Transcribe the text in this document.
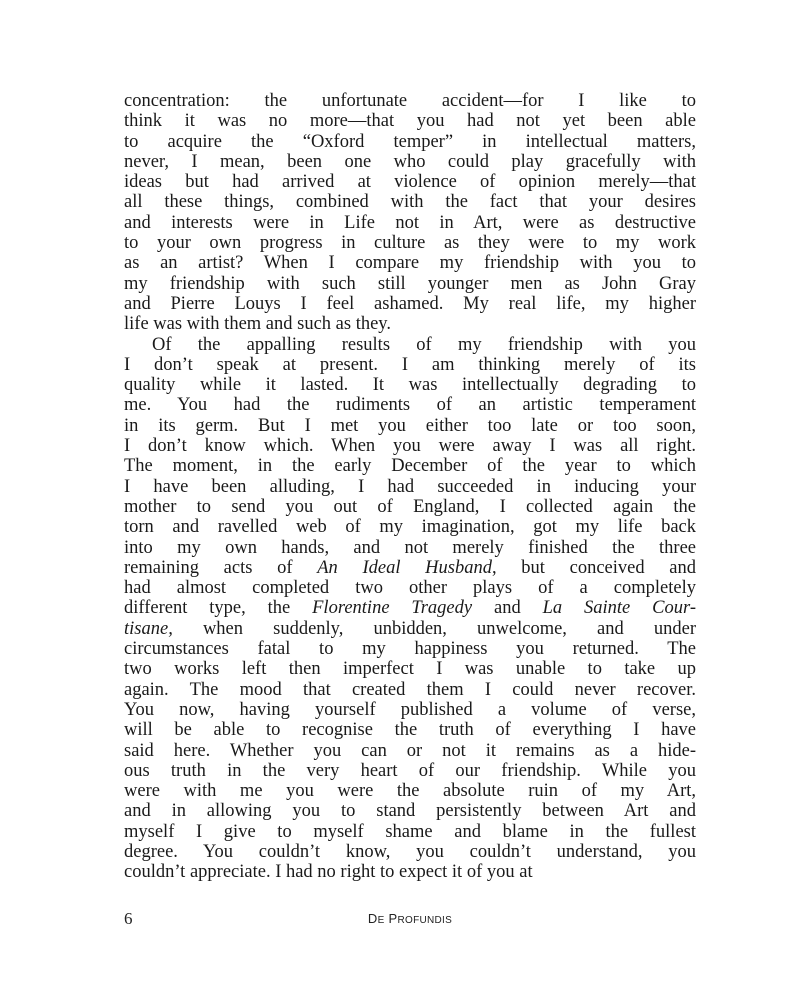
concentration: the unfortunate accident—for I like to
think it was no more—that you had not yet been able
to acquire the “Oxford temper” in intellectual matters,
never, I mean, been one who could play gracefully with
ideas but had arrived at violence of opinion merely—that
all these things, combined with the fact that your desires
and interests were in Life not in Art, were as destructive
to your own progress in culture as they were to my work
as an artist? When I compare my friendship with you to
my friendship with such still younger men as John Gray
and Pierre Louys I feel ashamed. My real life, my higher
life was with them and such as they.
Of the appalling results of my friendship with you
I don’t speak at present. I am thinking merely of its
quality while it lasted. It was intellectually degrading to
me. You had the rudiments of an artistic temperament
in its germ. But I met you either too late or too soon,
I don’t know which. When you were away I was all right.
The moment, in the early December of the year to which
I have been alluding, I had succeeded in inducing your
mother to send you out of England, I collected again the
torn and ravelled web of my imagination, got my life back
into my own hands, and not merely finished the three
remaining acts of An Ideal Husband, but conceived and
had almost completed two other plays of a completely
different type, the Florentine Tragedy and La Sainte Cour-
tisane, when suddenly, unbidden, unwelcome, and under
circumstances fatal to my happiness you returned. The
two works left then imperfect I was unable to take up
again. The mood that created them I could never recover.
You now, having yourself published a volume of verse,
will be able to recognise the truth of everything I have
said here. Whether you can or not it remains as a hide-
ous truth in the very heart of our friendship. While you
were with me you were the absolute ruin of my Art,
and in allowing you to stand persistently between Art and
myself I give to myself shame and blame in the fullest
degree. You couldn’t know, you couldn’t understand, you
couldn’t appreciate. I had no right to expect it of you at
6	DE PROFUNDIS
